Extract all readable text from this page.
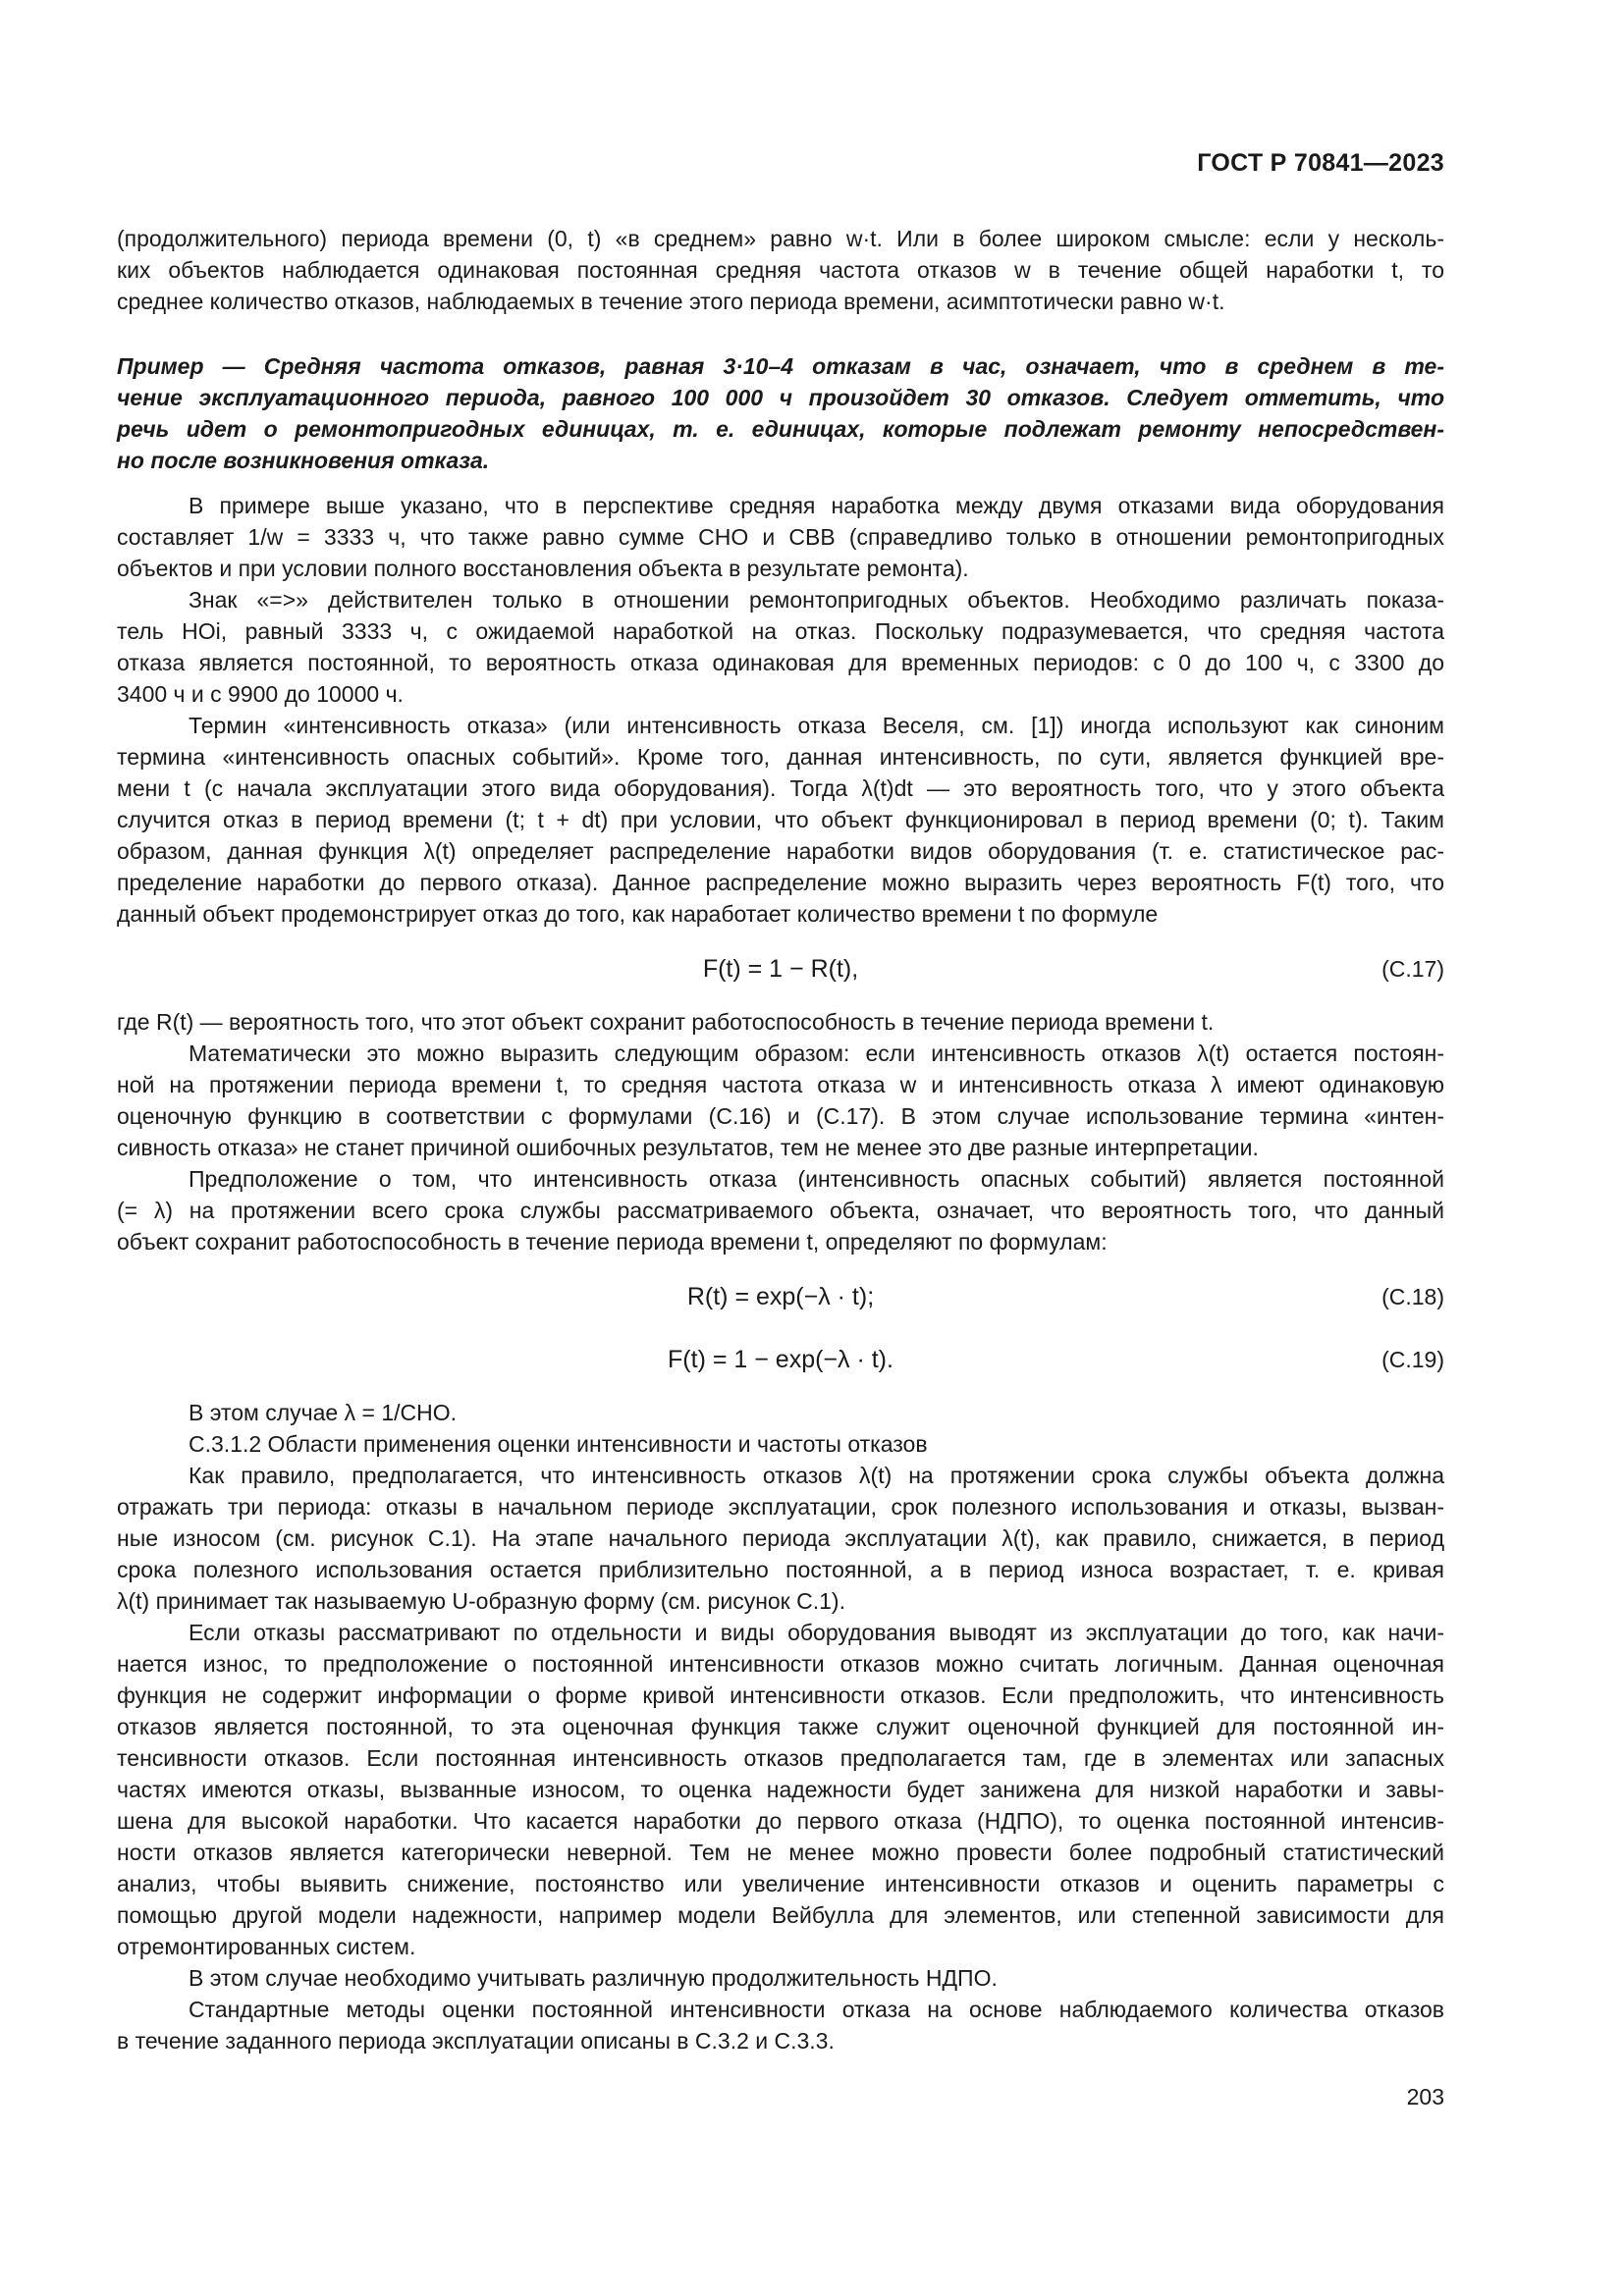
ГОСТ Р 70841—2023
(продолжительного) периода времени (0, t) «в среднем» равно w·t. Или в более широком смысле: если у несколь-
ких объектов наблюдается одинаковая постоянная средняя частота отказов w в течение общей наработки t, то
среднее количество отказов, наблюдаемых в течение этого периода времени, асимптотически равно w·t.
Пример — Средняя частота отказов, равная 3·10–4 отказам в час, означает, что в среднем в те-
чение эксплуатационного периода, равного 100 000 ч произойдет 30 отказов. Следует отметить, что
речь идет о ремонтопригодных единицах, т. е. единицах, которые подлежат ремонту непосредствен-
но после возникновения отказа.
В примере выше указано, что в перспективе средняя наработка между двумя отказами вида оборудования
составляет 1/w = 3333 ч, что также равно сумме СНО и СВВ (справедливо только в отношении ремонтопригодных
объектов и при условии полного восстановления объекта в результате ремонта).
Знак «=>» действителен только в отношении ремонтопригодных объектов. Необходимо различать показа-
тель НОi, равный 3333 ч, с ожидаемой наработкой на отказ. Поскольку подразумевается, что средняя частота
отказа является постоянной, то вероятность отказа одинаковая для временных периодов: с 0 до 100 ч, с 3300 до
3400 ч и с 9900 до 10000 ч.
Термин «интенсивность отказа» (или интенсивность отказа Веселя, см. [1]) иногда используют как синоним
термина «интенсивность опасных событий». Кроме того, данная интенсивность, по сути, является функцией вре-
мени t (с начала эксплуатации этого вида оборудования). Тогда λ(t)dt — это вероятность того, что у этого объекта
случится отказ в период времени (t; t + dt) при условии, что объект функционировал в период времени (0; t). Таким
образом, данная функция λ(t) определяет распределение наработки видов оборудования (т. е. статистическое рас-
пределение наработки до первого отказа). Данное распределение можно выразить через вероятность F(t) того, что
данный объект продемонстрирует отказ до того, как наработает количество времени t по формуле
F(t) = 1 − R(t),	(С.17)
где R(t) — вероятность того, что этот объект сохранит работоспособность в течение периода времени t.
Математически это можно выразить следующим образом: если интенсивность отказов λ(t) остается постоян-
ной на протяжении периода времени t, то средняя частота отказа w и интенсивность отказа λ имеют одинаковую
оценочную функцию в соответствии с формулами (С.16) и (С.17). В этом случае использование термина «интен-
сивность отказа» не станет причиной ошибочных результатов, тем не менее это две разные интерпретации.
Предположение о том, что интенсивность отказа (интенсивность опасных событий) является постоянной
(= λ) на протяжении всего срока службы рассматриваемого объекта, означает, что вероятность того, что данный
объект сохранит работоспособность в течение периода времени t, определяют по формулам:
R(t) = exp(−λ · t);	(С.18)
F(t) = 1 − exp(−λ · t).	(С.19)
В этом случае λ = 1/СНО.
С.3.1.2 Области применения оценки интенсивности и частоты отказов
Как правило, предполагается, что интенсивность отказов λ(t) на протяжении срока службы объекта должна
отражать три периода: отказы в начальном периоде эксплуатации, срок полезного использования и отказы, вызван-
ные износом (см. рисунок С.1). На этапе начального периода эксплуатации λ(t), как правило, снижается, в период
срока полезного использования остается приблизительно постоянной, а в период износа возрастает, т. е. кривая
λ(t) принимает так называемую U-образную форму (см. рисунок С.1).
Если отказы рассматривают по отдельности и виды оборудования выводят из эксплуатации до того, как начи-
нается износ, то предположение о постоянной интенсивности отказов можно считать логичным. Данная оценочная
функция не содержит информации о форме кривой интенсивности отказов. Если предположить, что интенсивность
отказов является постоянной, то эта оценочная функция также служит оценочной функцией для постоянной ин-
тенсивности отказов. Если постоянная интенсивность отказов предполагается там, где в элементах или запасных
частях имеются отказы, вызванные износом, то оценка надежности будет занижена для низкой наработки и завы-
шена для высокой наработки. Что касается наработки до первого отказа (НДПО), то оценка постоянной интенсив-
ности отказов является категорически неверной. Тем не менее можно провести более подробный статистический
анализ, чтобы выявить снижение, постоянство или увеличение интенсивности отказов и оценить параметры с
помощью другой модели надежности, например модели Вейбулла для элементов, или степенной зависимости для
отремонтированных систем.
В этом случае необходимо учитывать различную продолжительность НДПО.
Стандартные методы оценки постоянной интенсивности отказа на основе наблюдаемого количества отказов
в течение заданного периода эксплуатации описаны в С.3.2 и С.3.3.
203
